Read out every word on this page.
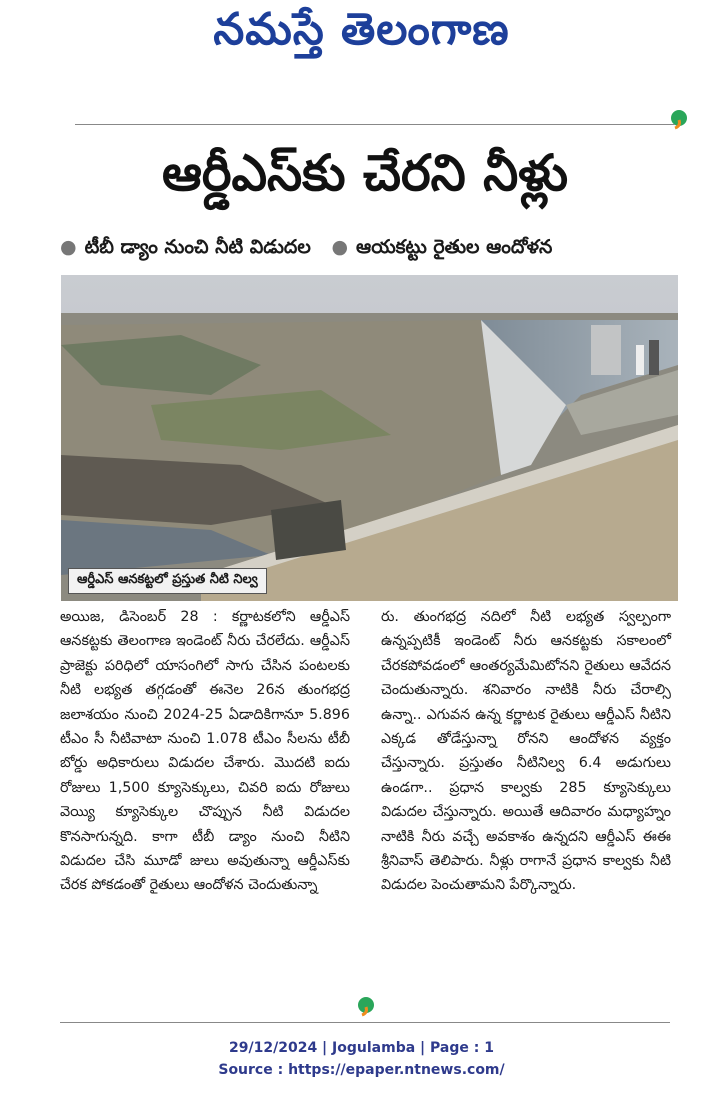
నమస్తే తెలంగాణ
ఆర్డీఎస్‌కు చేరని నీళ్లు
● టీబీ డ్యాం నుంచి నీటి విడుదల ● ఆయకట్టు రైతుల ఆందోళన
ఆర్డీఎస్ ఆనకట్టలో ప్రస్తుత నీటి నిల్వ

అయిజ, డిసెంబర్ 28 : కర్ణాటకలోని ఆర్డీఎస్ ఆనకట్టకు తెలంగాణ ఇండెంట్ నీరు చేరలేదు. ఆర్డీఎస్ ప్రాజెక్టు పరిధిలో యాసంగిలో సాగు చేసిన పంటలకు నీటి లభ్యత తగ్గడంతో ఈనెల 26న తుంగభద్ర జలాశయం నుంచి 2024-25 ఏడాదికిగానూ 5.896 టీఎం సీ నీటివాటా నుంచి 1.078 టీఎం సీలను టీబీ బోర్డు అధికారులు విడుదల చేశారు. మొదటి ఐదు రోజులు 1,500 క్యూసెక్కులు, చివరి ఐదు రోజులు వెయ్యి క్యూసెక్కుల చొప్పున నీటి విడుదల కొనసాగున్నది. కాగా టీబీ డ్యాం నుంచి నీటిని విడుదల చేసి మూడో జులు అవుతున్నా ఆర్డీఎస్‌కు చేరక పోకడంతో రైతులు ఆందోళన చెందుతున్నా

రు. తుంగభద్ర నదిలో నీటి లభ్యత స్వల్పంగా ఉన్నప్పటికీ ఇండెంట్ నీరు ఆనకట్టకు సకాలంలో చేరకపోవడంలో ఆంతర్యమేమిటోనని రైతులు ఆవేదన చెందుతున్నారు. శనివారం నాటికి నీరు చేరాల్సి ఉన్నా.. ఎగువన ఉన్న కర్ణాటక రైతులు ఆర్డీఎస్ నీటిని ఎక్కడ తోడేస్తున్నా రోనని ఆందోళన వ్యక్తం చేస్తున్నారు. ప్రస్తుతం నీటినిల్వ 6.4 అడుగులు ఉండగా.. ప్రధాన కాల్వకు 285 క్యూసెక్కులు విడుదల చేస్తున్నారు. అయితే ఆదివారం మధ్యాహ్నం నాటికి నీరు వచ్చే అవకాశం ఉన్నదని ఆర్డీఎస్ ఈఈ శ్రీనివాస్ తెలిపారు. నీళ్లు రాగానే ప్రధాన కాల్వకు నీటి విడుదల పెంచుతామని పేర్కొన్నారు.

29/12/2024 | Jogulamba | Page : 1
Source : https://epaper.ntnews.com/
